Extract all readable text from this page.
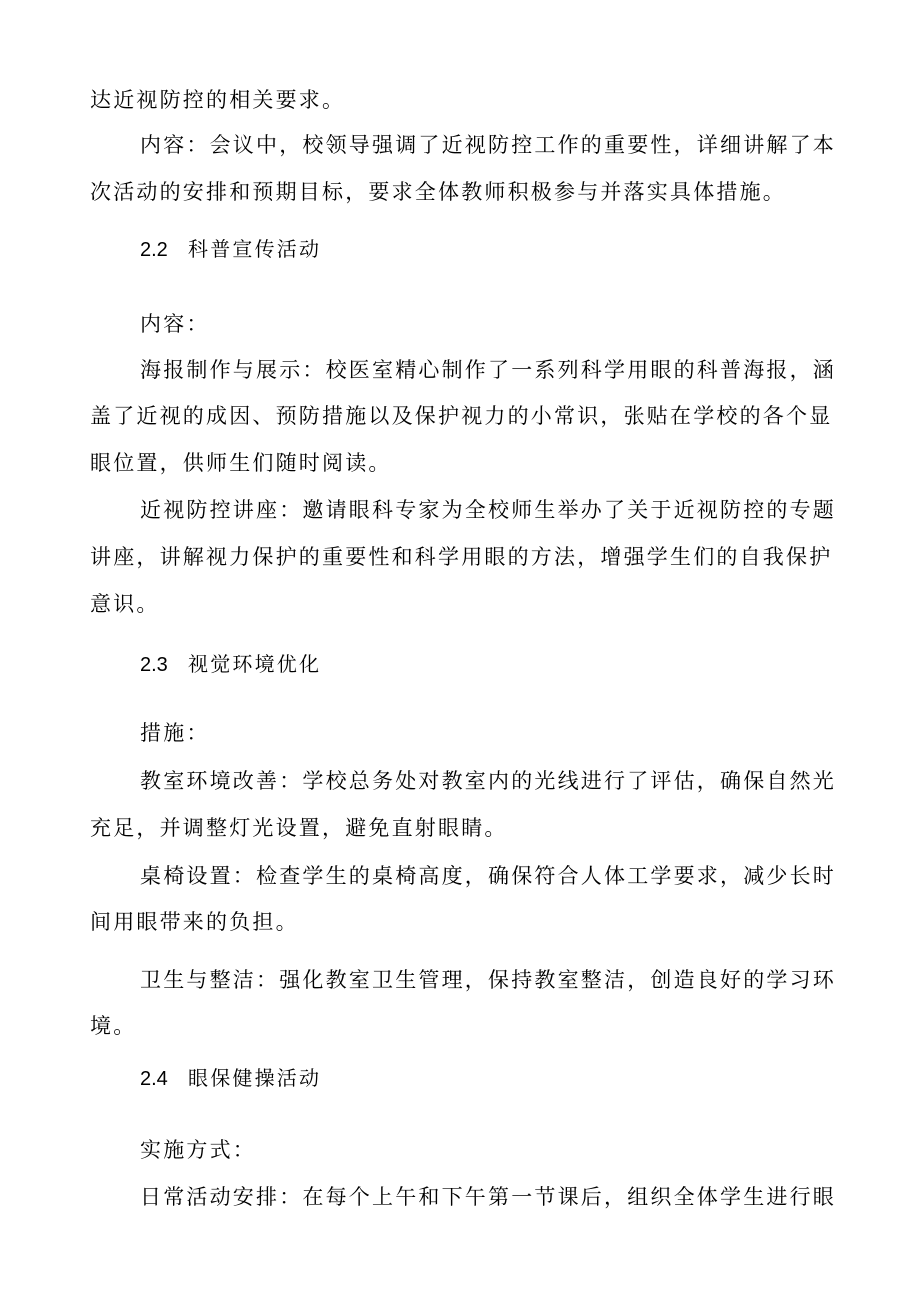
达近视防控的相关要求。
内容：会议中，校领导强调了近视防控工作的重要性，详细讲解了本
次活动的安排和预期目标，要求全体教师积极参与并落实具体措施。
2.2 科普宣传活动
内容：
海报制作与展示：校医室精心制作了一系列科学用眼的科普海报，涵
盖了近视的成因、预防措施以及保护视力的小常识，张贴在学校的各个显
眼位置，供师生们随时阅读。
近视防控讲座：邀请眼科专家为全校师生举办了关于近视防控的专题
讲座，讲解视力保护的重要性和科学用眼的方法，增强学生们的自我保护
意识。
2.3 视觉环境优化
措施：
教室环境改善：学校总务处对教室内的光线进行了评估，确保自然光
充足，并调整灯光设置，避免直射眼睛。
桌椅设置：检查学生的桌椅高度，确保符合人体工学要求，减少长时
间用眼带来的负担。
卫生与整洁：强化教室卫生管理，保持教室整洁，创造良好的学习环
境。
2.4 眼保健操活动
实施方式：
日常活动安排：在每个上午和下午第一节课后，组织全体学生进行眼
